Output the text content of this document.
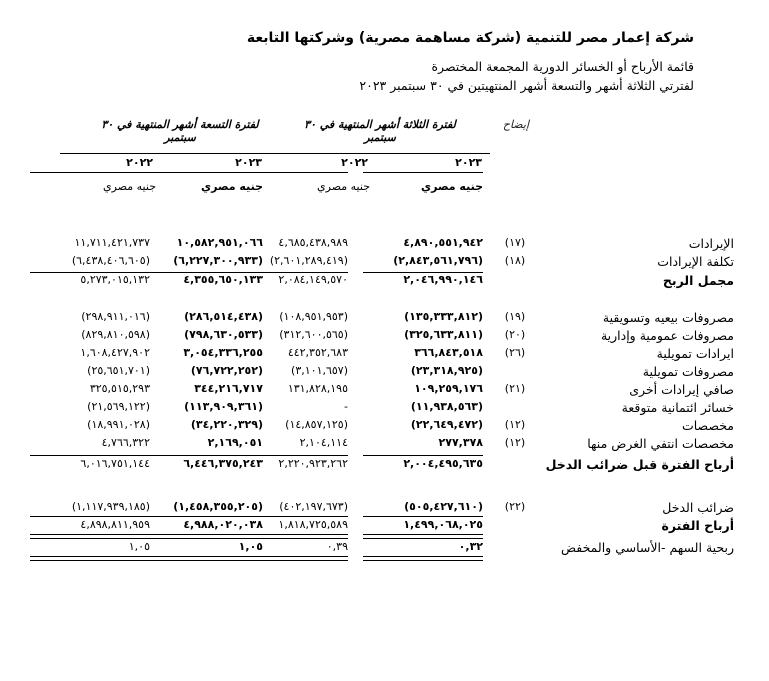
شركة إعمار مصر للتنمية (شركة مساهمة مصرية) وشركتها التابعة
قائمة الأرباح أو الخسائر الدورية المجمعة المختصرة
لفترتي الثلاثة أشهر والتسعة أشهر المنتهيتين في ٣٠ سبتمبر ٢٠٢٣
إيضاح
لفترة الثلاثة أشهر المنتهية في ٣٠ سبتمبر
لفترة التسعة أشهر المنتهية في ٣٠ سبتمبر
٢٠٢٣
٢٠٢٢
٢٠٢٣
٢٠٢٢
جنيه مصري
جنيه مصري
جنيه مصري
جنيه مصري
الإيرادات
(١٧)
٤,٨٩٠,٥٥١,٩٤٢
٤,٦٨٥,٤٣٨,٩٨٩
١٠,٥٨٢,٩٥١,٠٦٦
١١,٧١١,٤٢١,٧٣٧
تكلفة الإيرادات
(١٨)
(٢,٨٤٣,٥٦١,٧٩٦)
(٢,٦٠١,٢٨٩,٤١٩)
(٦,٢٢٧,٣٠٠,٩٣٣)
(٦,٤٣٨,٤٠٦,٦٠٥)
مجمل الربح
٢,٠٤٦,٩٩٠,١٤٦
٢,٠٨٤,١٤٩,٥٧٠
٤,٣٥٥,٦٥٠,١٣٣
٥,٢٧٣,٠١٥,١٣٢
مصروفات بيعيه وتسويقية
(١٩)
(١٣٥,٣٣٣,٨١٢)
(١٠٨,٩٥١,٩٥٣)
(٢٨٦,٥١٤,٤٣٨)
(٢٩٨,٩١١,٠١٦)
مصروفات عمومية وإدارية
(٢٠)
(٣٢٥,٦٣٣,٨١١)
(٣١٢,٦٠٠,٥٦٥)
(٧٩٨,٦٣٠,٥٣٣)
(٨٢٩,٨١٠,٥٩٨)
ايرادات تمويلية
(٢٦)
٣٦٦,٨٤٣,٥١٨
٤٤٢,٣٥٢,٦٨٣
٣,٠٥٤,٣٣٦,٢٥٥
١,٦٠٨,٤٢٧,٩٠٢
مصروفات تمويلية
(٢٣,٣١٨,٩٢٥)
(٣,١٠١,٦٥٧)
(٧٦,٧٢٢,٢٥٢)
(٢٥,٦٥١,٧٠١)
صافي إيرادات أخرى
(٢١)
١٠٩,٢٥٩,١٧٦
١٣١,٨٢٨,١٩٥
٣٤٤,٢١٦,٧١٧
٣٢٥,٥١٥,٢٩٣
خسائر ائتمانية متوقعة
(١١,٩٣٨,٥٦٣)
-
(١١٣,٩٠٩,٣٦١)
(٢١,٥٦٩,١٢٢)
مخصصات
(١٢)
(٢٢,٦٤٩,٤٧٢)
(١٤,٨٥٧,١٢٥)
(٣٤,٢٢٠,٣٢٩)
(١٨,٩٩١,٠٢٨)
مخصصات انتفي الغرض منها
(١٢)
٢٧٧,٣٧٨
٢,١٠٤,١١٤
٢,١٦٩,٠٥١
٤,٧٦٦,٣٢٢
أرباح الفترة قبل ضرائب الدخل
٢,٠٠٤,٤٩٥,٦٣٥
٢,٢٢٠,٩٢٣,٢٦٢
٦,٤٤٦,٣٧٥,٢٤٣
٦,٠١٦,٧٥١,١٤٤
ضرائب الدخل
(٢٢)
(٥٠٥,٤٢٧,٦١٠)
(٤٠٢,١٩٧,٦٧٣)
(١,٤٥٨,٣٥٥,٢٠٥)
(١,١١٧,٩٣٩,١٨٥)
أرباح الفترة
١,٤٩٩,٠٦٨,٠٢٥
١,٨١٨,٧٢٥,٥٨٩
٤,٩٨٨,٠٢٠,٠٣٨
٤,٨٩٨,٨١١,٩٥٩
ربحية السهم -الأساسي والمخفض
٠,٣٢
٠,٣٩
١,٠٥
١,٠٥
